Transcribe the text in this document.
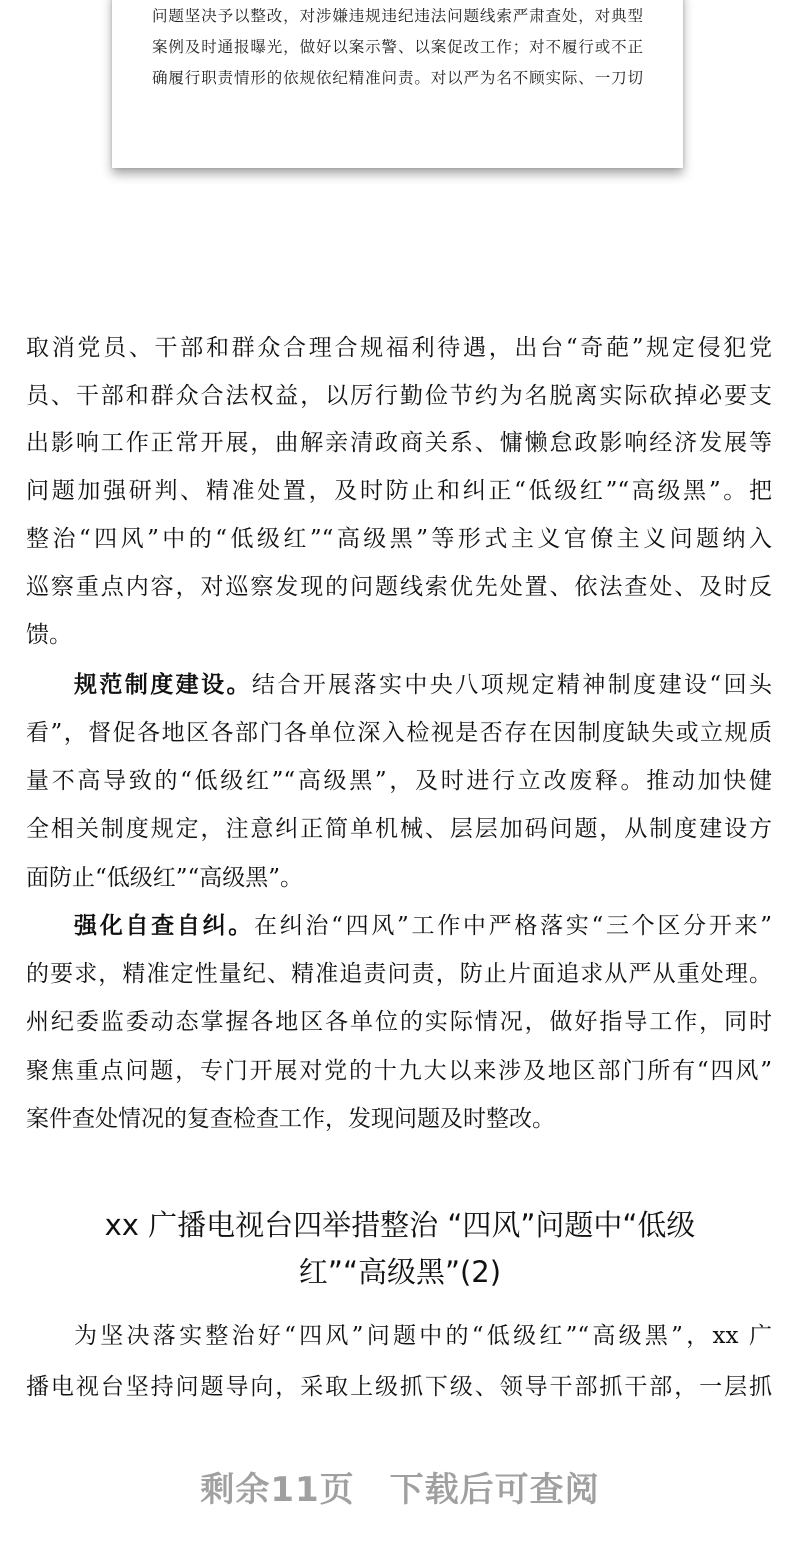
问题坚决予以整改，对涉嫌违规违纪违法问题线索严肃查处，对典型
案例及时通报曝光，做好以案示警、以案促改工作；对不履行或不正
确履行职责情形的依规依纪精准问责。对以严为名不顾实际、一刀切
取消党员、干部和群众合理合规福利待遇，出台“奇葩”规定侵犯党
员、干部和群众合法权益，以厉行勤俭节约为名脱离实际砍掉必要支
出影响工作正常开展，曲解亲清政商关系、慵懒怠政影响经济发展等
问题加强研判、精准处置，及时防止和纠正“低级红”“高级黑”。把
整治“四风”中的“低级红”“高级黑”等形式主义官僚主义问题纳入
巡察重点内容，对巡察发现的问题线索优先处置、依法查处、及时反
馈。
规范制度建设。结合开展落实中央八项规定精神制度建设“回头
看”，督促各地区各部门各单位深入检视是否存在因制度缺失或立规质
量不高导致的“低级红”“高级黑”，及时进行立改废释。推动加快健
全相关制度规定，注意纠正简单机械、层层加码问题，从制度建设方
面防止“低级红”“高级黑”。
强化自查自纠。在纠治“四风”工作中严格落实“三个区分开来”
的要求，精准定性量纪、精准追责问责，防止片面追求从严从重处理。
州纪委监委动态掌握各地区各单位的实际情况，做好指导工作，同时
聚焦重点问题，专门开展对党的十九大以来涉及地区部门所有“四风”
案件查处情况的复查检查工作，发现问题及时整改。
xx 广播电视台四举措整治 “四风”问题中“低级
红”“高级黑”(2)
为坚决落实整治好“四风”问题中的“低级红”“高级黑”，xx 广
播电视台坚持问题导向，采取上级抓下级、领导干部抓干部，一层抓
剩余11页　下载后可查阅
